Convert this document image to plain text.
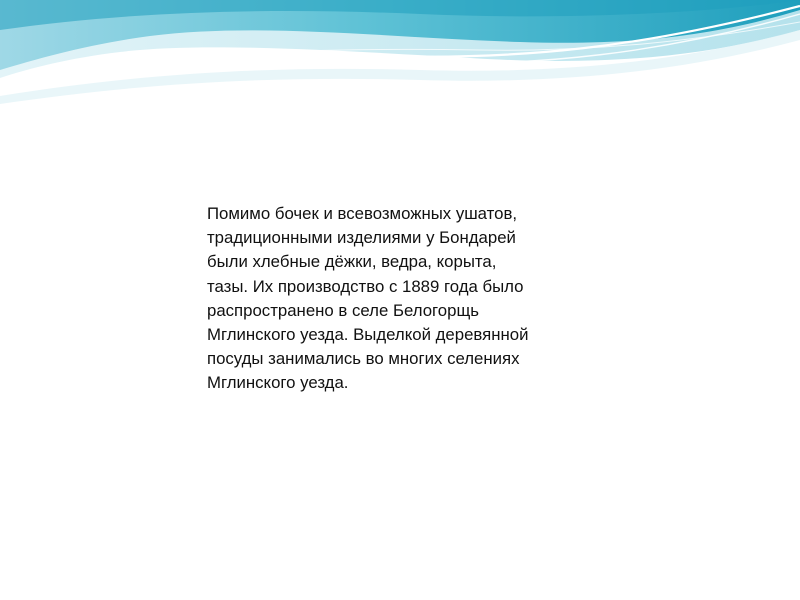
Помимо бочек и всевозможных ушатов,
традиционными изделиями у Бондарей
были хлебные дёжки, ведра, корыта,
тазы. Их производство с 1889 года было
распространено в селе Белогорщь
Мглинского уезда. Выделкой деревянной
посуды занимались во многих селениях
Мглинского уезда.
